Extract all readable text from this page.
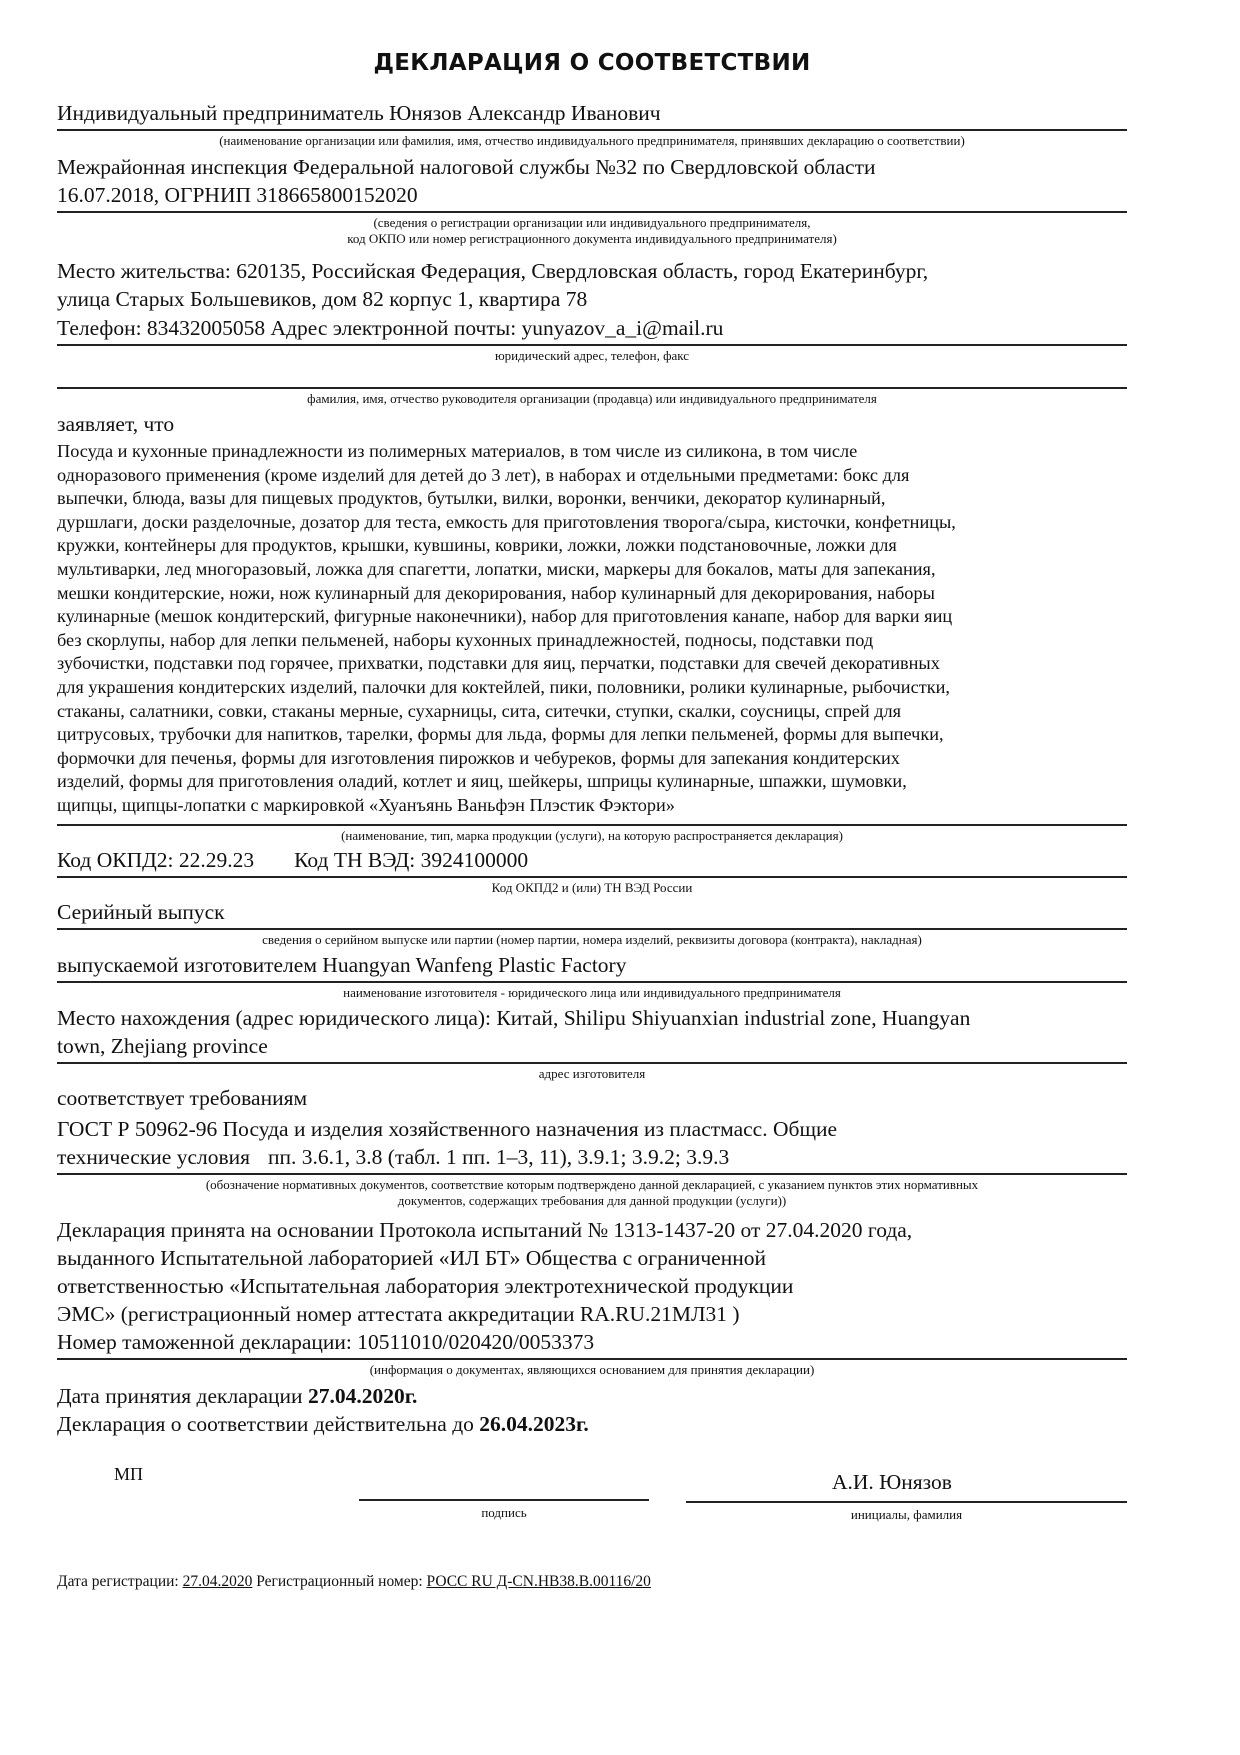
ДЕКЛАРАЦИЯ О СООТВЕТСТВИИ
Индивидуальный предприниматель Юнязов Александр Иванович
(наименование организации или фамилия, имя, отчество индивидуального предпринимателя, принявших декларацию о соответствии)
Межрайонная инспекция Федеральной налоговой службы №32 по Свердловской области
16.07.2018, ОГРНИП 318665800152020
(сведения о регистрации организации или индивидуального предпринимателя,
код ОКПО или номер регистрационного документа индивидуального предпринимателя)
Место жительства: 620135, Российская Федерация, Свердловская область, город Екатеринбург,
улица Старых Большевиков, дом 82 корпус 1, квартира 78
Телефон: 83432005058 Адрес электронной почты: yunyazov_a_i@mail.ru
юридический адрес, телефон, факс
фамилия, имя, отчество руководителя организации (продавца) или индивидуального предпринимателя
заявляет, что
Посуда и кухонные принадлежности из полимерных материалов, в том числе из силикона, в том числе
одноразового применения (кроме изделий для детей до 3 лет), в наборах и отдельными предметами: бокс для
выпечки, блюда, вазы для пищевых продуктов, бутылки, вилки, воронки, венчики, декоратор кулинарный,
дуршлаги, доски разделочные, дозатор для теста, емкость для приготовления творога/сыра, кисточки, конфетницы,
кружки, контейнеры для продуктов, крышки, кувшины, коврики, ложки, ложки подстановочные, ложки для
мультиварки, лед многоразовый, ложка для спагетти, лопатки, миски, маркеры для бокалов, маты для запекания,
мешки кондитерские, ножи, нож кулинарный для декорирования, набор кулинарный для декорирования, наборы
кулинарные (мешок кондитерский, фигурные наконечники), набор для приготовления канапе, набор для варки яиц
без скорлупы, набор для лепки пельменей, наборы кухонных принадлежностей, подносы, подставки под
зубочистки, подставки под горячее, прихватки, подставки для яиц, перчатки, подставки для свечей декоративных
для украшения кондитерских изделий, палочки для коктейлей, пики, половники, ролики кулинарные, рыбочистки,
стаканы, салатники, совки, стаканы мерные, сухарницы, сита, ситечки, ступки, скалки, соусницы, спрей для
цитрусовых, трубочки для напитков, тарелки, формы для льда, формы для лепки пельменей, формы для выпечки,
формочки для печенья, формы для изготовления пирожков и чебуреков, формы для запекания кондитерских
изделий, формы для приготовления оладий, котлет и яиц, шейкеры, шприцы кулинарные, шпажки, шумовки,
щипцы, щипцы-лопатки с маркировкой «Хуанъянь Ваньфэн Плэстик Фэктори»
(наименование, тип, марка продукции (услуги), на которую распространяется декларация)
Код ОКПД2: 22.29.23 Код ТН ВЭД: 3924100000
Код ОКПД2 и (или) ТН ВЭД России
Серийный выпуск
сведения о серийном выпуске или партии (номер партии, номера изделий, реквизиты договора (контракта), накладная)
выпускаемой изготовителем Huangyan Wanfeng Plastic Factory
наименование изготовителя - юридического лица или индивидуального предпринимателя
Место нахождения (адрес юридического лица): Китай, Shilipu Shiyuanxian industrial zone, Huangyan
town, Zhejiang province
адрес изготовителя
соответствует требованиям
ГОСТ Р 50962-96 Посуда и изделия хозяйственного назначения из пластмасс. Общие
технические условия пп. 3.6.1, 3.8 (табл. 1 пп. 1–3, 11), 3.9.1; 3.9.2; 3.9.3
(обозначение нормативных документов, соответствие которым подтверждено данной декларацией, с указанием пунктов этих нормативных
документов, содержащих требования для данной продукции (услуги))
Декларация принята на основании Протокола испытаний № 1313-1437-20 от 27.04.2020 года,
выданного Испытательной лабораторией «ИЛ БТ» Общества с ограниченной
ответственностью «Испытательная лаборатория электротехнической продукции
ЭМС» (регистрационный номер аттестата аккредитации RA.RU.21МЛ31 )
Номер таможенной декларации: 10511010/020420/0053373
(информация о документах, являющихся основанием для принятия декларации)
Дата принятия декларации 27.04.2020г.
Декларация о соответствии действительна до 26.04.2023г.
МП	А.И. Юнязов
подпись	инициалы, фамилия
Дата регистрации: 27.04.2020 Регистрационный номер: РОСС RU Д-CN.НВ38.В.00116/20
